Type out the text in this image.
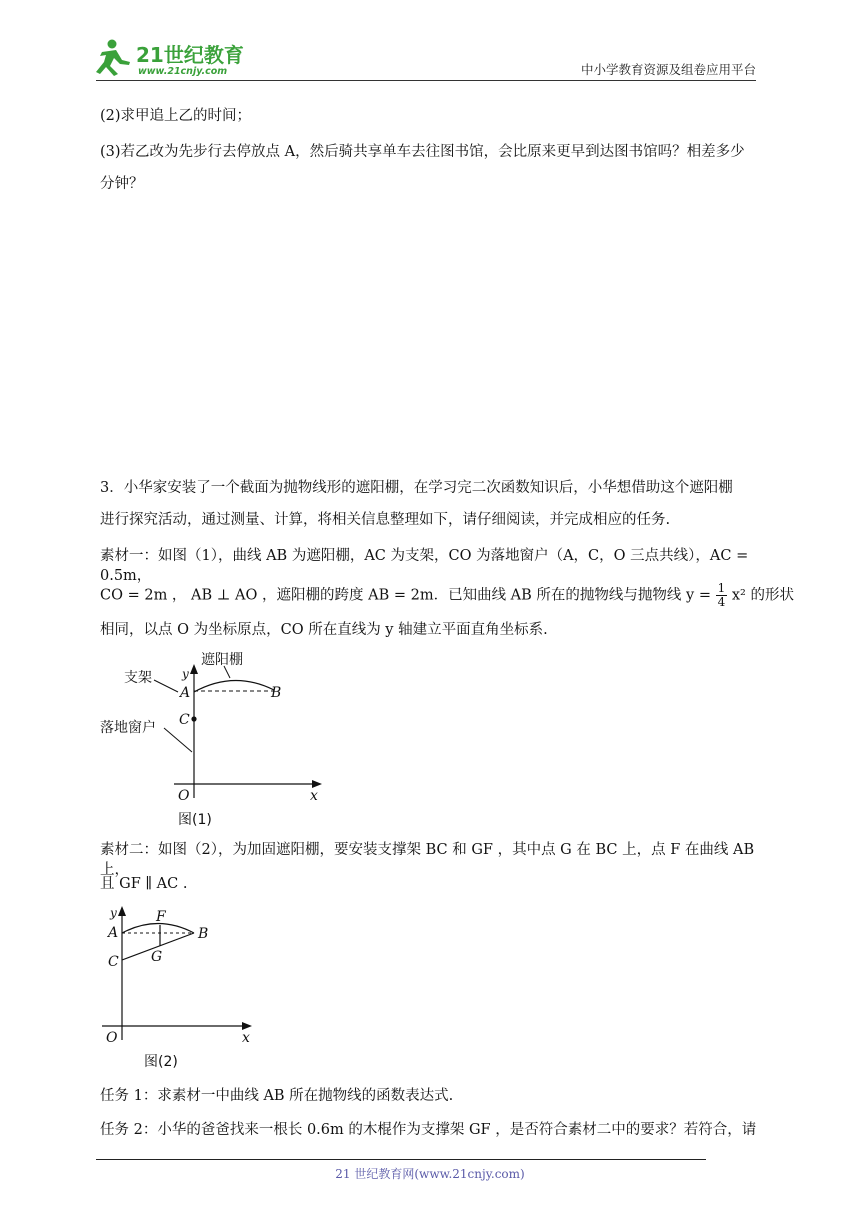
21世纪教育
www.21cnjy.com	中小学教育资源及组卷应用平台

(2)求甲追上乙的时间；

(3)若乙改为先步行去停放点 A，然后骑共享单车去往图书馆，会比原来更早到达图书馆吗？相差多少

分钟？

3．小华家安装了一个截面为抛物线形的遮阳棚，在学习完二次函数知识后，小华想借助这个遮阳棚

进行探究活动，通过测量、计算，将相关信息整理如下，请仔细阅读，并完成相应的任务.

素材一：如图（1），曲线 AB 为遮阳棚，AC 为支架，CO 为落地窗户（A，C，O 三点共线），AC = 0.5m，

CO = 2m ， AB ⊥ AO ，遮阳棚的跨度 AB = 2m．已知曲线 AB 所在的抛物线与抛物线 $y = \frac{1}{4} x^2$ 的形状

相同，以点 O 为坐标原点，CO 所在直线为 y 轴建立平面直角坐标系.

遮阳棚
支架
落地窗户
A	B
C
O	x
y
图(1)

素材二：如图（2），为加固遮阳棚，要安装支撑架 BC 和 GF ，其中点 G 在 BC 上，点 F 在曲线 AB 上，

且 GF ∥ AC .

F
G
A	B
C
O	x
y
图(2)

任务 1：求素材一中曲线 AB 所在抛物线的函数表达式.

任务 2：小华的爸爸找来一根长 0.6m 的木棍作为支撑架 GF ，是否符合素材二中的要求？若符合，请

21 世纪教育网(www.21cnjy.com)
